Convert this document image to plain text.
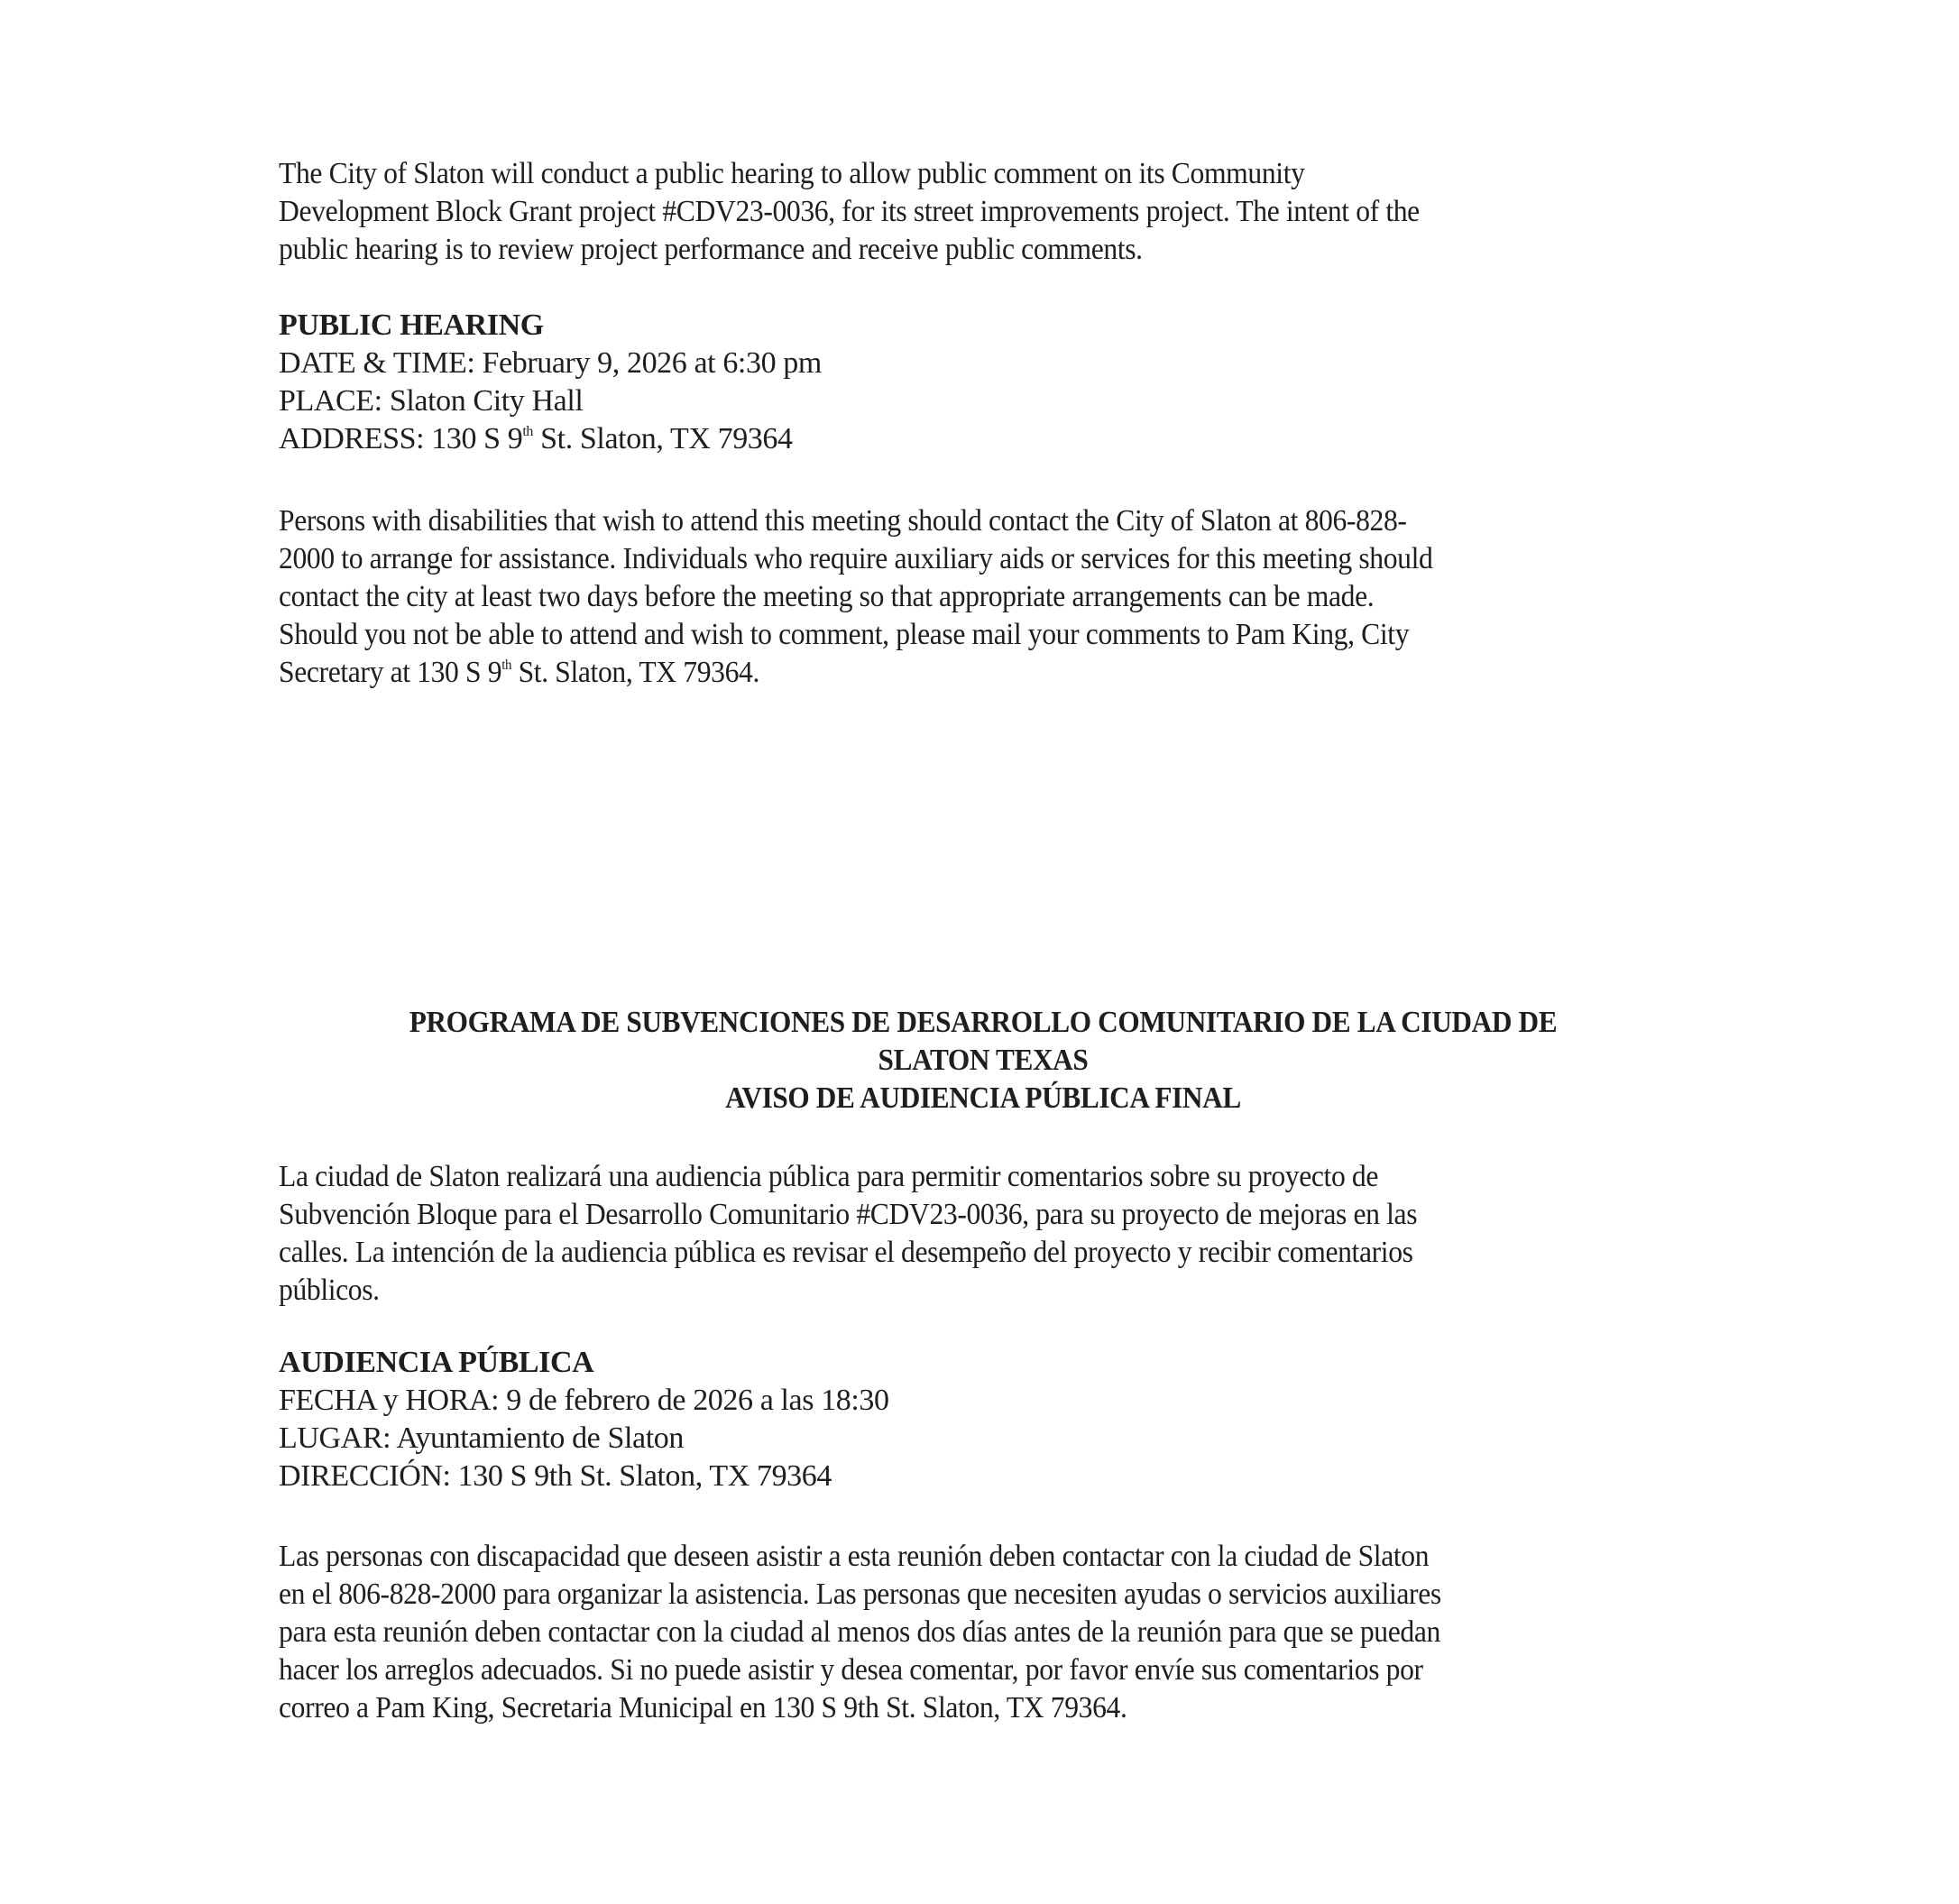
The City of Slaton will conduct a public hearing to allow public comment on its Community
Development Block Grant project #CDV23-0036, for its street improvements project. The intent of the
public hearing is to review project performance and receive public comments.
PUBLIC HEARING
DATE & TIME: February 9, 2026 at 6:30 pm
PLACE: Slaton City Hall
ADDRESS: 130 S 9th St. Slaton, TX 79364
Persons with disabilities that wish to attend this meeting should contact the City of Slaton at 806-828-
2000 to arrange for assistance. Individuals who require auxiliary aids or services for this meeting should
contact the city at least two days before the meeting so that appropriate arrangements can be made.
Should you not be able to attend and wish to comment, please mail your comments to Pam King, City
Secretary at 130 S 9th St. Slaton, TX 79364.
PROGRAMA DE SUBVENCIONES DE DESARROLLO COMUNITARIO DE LA CIUDAD DE
SLATON TEXAS
AVISO DE AUDIENCIA PÚBLICA FINAL
La ciudad de Slaton realizará una audiencia pública para permitir comentarios sobre su proyecto de
Subvención Bloque para el Desarrollo Comunitario #CDV23-0036, para su proyecto de mejoras en las
calles. La intención de la audiencia pública es revisar el desempeño del proyecto y recibir comentarios
públicos.
AUDIENCIA PÚBLICA
FECHA y HORA: 9 de febrero de 2026 a las 18:30
LUGAR: Ayuntamiento de Slaton
DIRECCIÓN: 130 S 9th St. Slaton, TX 79364
Las personas con discapacidad que deseen asistir a esta reunión deben contactar con la ciudad de Slaton
en el 806-828-2000 para organizar la asistencia. Las personas que necesiten ayudas o servicios auxiliares
para esta reunión deben contactar con la ciudad al menos dos días antes de la reunión para que se puedan
hacer los arreglos adecuados. Si no puede asistir y desea comentar, por favor envíe sus comentarios por
correo a Pam King, Secretaria Municipal en 130 S 9th St. Slaton, TX 79364.
